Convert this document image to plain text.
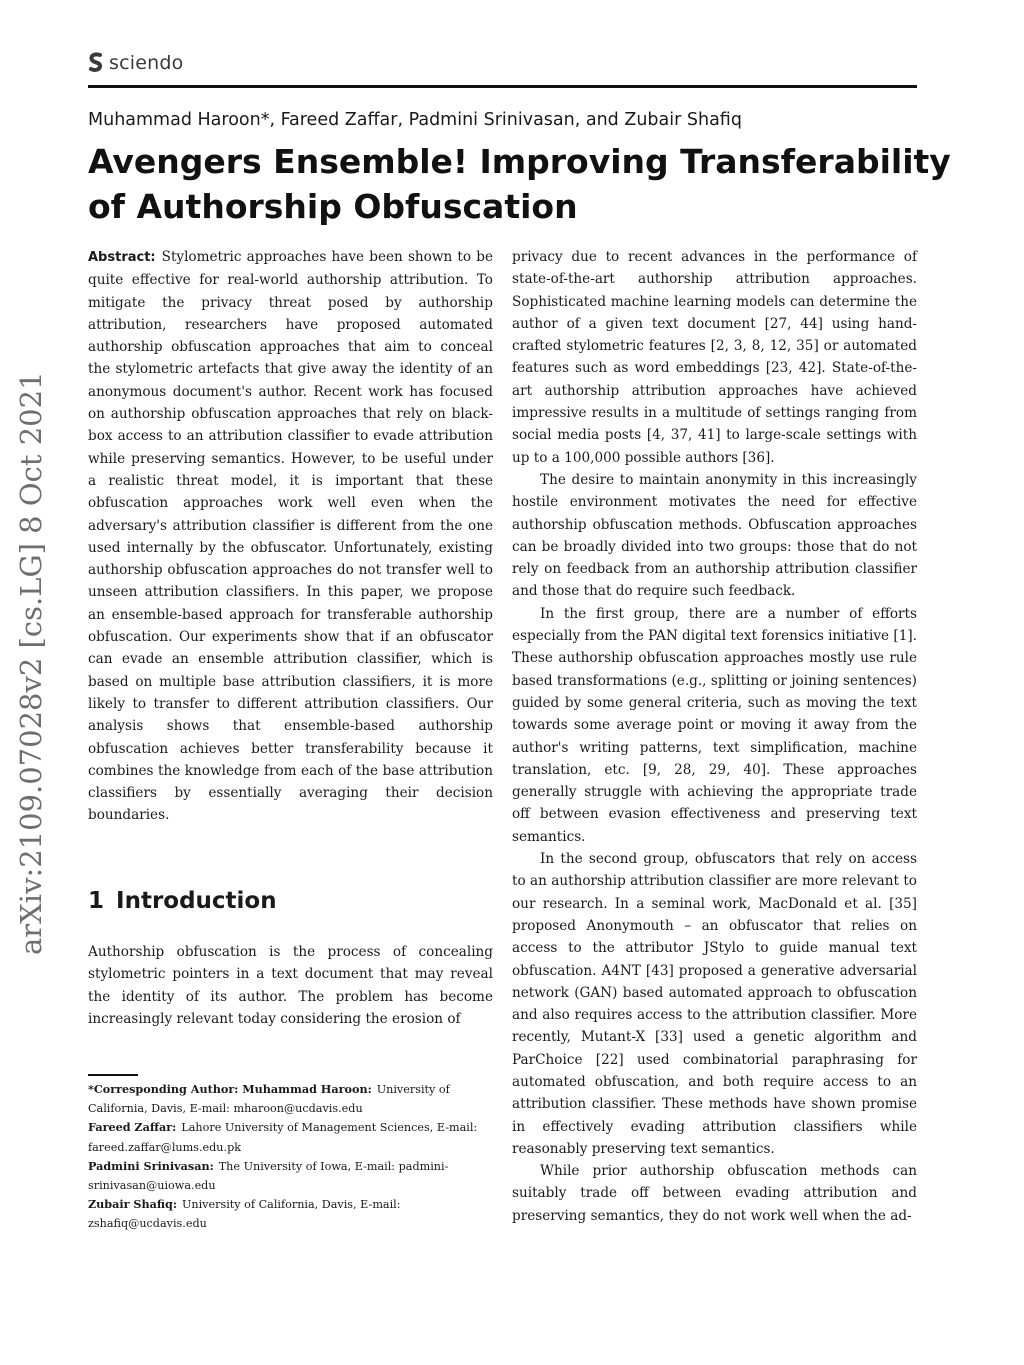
sciendo
Muhammad Haroon*, Fareed Zaffar, Padmini Srinivasan, and Zubair Shafiq
Avengers Ensemble! Improving Transferability
of Authorship Obfuscation
arXiv:2109.07028v2 [cs.LG] 8 Oct 2021

Abstract: Stylometric approaches have been shown to be quite effective for real-world authorship attribution. To mitigate the privacy threat posed by authorship attribution, researchers have proposed automated authorship obfuscation approaches that aim to conceal the stylometric artefacts that give away the identity of an anonymous document's author. Recent work has focused on authorship obfuscation approaches that rely on black-box access to an attribution classifier to evade attribution while preserving semantics. However, to be useful under a realistic threat model, it is important that these obfuscation approaches work well even when the adversary's attribution classifier is different from the one used internally by the obfuscator. Unfortunately, existing authorship obfuscation approaches do not transfer well to unseen attribution classifiers. In this paper, we propose an ensemble-based approach for transferable authorship obfuscation. Our experiments show that if an obfuscator can evade an ensemble attribution classifier, which is based on multiple base attribution classifiers, it is more likely to transfer to different attribution classifiers. Our analysis shows that ensemble-based authorship obfuscation achieves better transferability because it combines the knowledge from each of the base attribution classifiers by essentially averaging their decision boundaries.

1 Introduction
Authorship obfuscation is the process of concealing stylometric pointers in a text document that may reveal the identity of its author. The problem has become increasingly relevant today considering the erosion of

*Corresponding Author: Muhammad Haroon: University of California, Davis, E-mail: mharoon@ucdavis.edu

Fareed Zaffar: Lahore University of Management Sciences, E-mail: fareed.zaffar@lums.edu.pk

Padmini Srinivasan: The University of Iowa, E-mail: padmini-srinivasan@uiowa.edu

Zubair Shafiq: University of California, Davis, E-mail: zshafiq@ucdavis.edu

privacy due to recent advances in the performance of state-of-the-art authorship attribution approaches. Sophisticated machine learning models can determine the author of a given text document [27, 44] using hand-crafted stylometric features [2, 3, 8, 12, 35] or automated features such as word embeddings [23, 42]. State-of-the-art authorship attribution approaches have achieved impressive results in a multitude of settings ranging from social media posts [4, 37, 41] to large-scale settings with up to a 100,000 possible authors [36].

The desire to maintain anonymity in this increasingly hostile environment motivates the need for effective authorship obfuscation methods. Obfuscation approaches can be broadly divided into two groups: those that do not rely on feedback from an authorship attribution classifier and those that do require such feedback.

In the first group, there are a number of efforts especially from the PAN digital text forensics initiative [1]. These authorship obfuscation approaches mostly use rule based transformations (e.g., splitting or joining sentences) guided by some general criteria, such as moving the text towards some average point or moving it away from the author's writing patterns, text simplification, machine translation, etc. [9, 28, 29, 40]. These approaches generally struggle with achieving the appropriate trade off between evasion effectiveness and preserving text semantics.

In the second group, obfuscators that rely on access to an authorship attribution classifier are more relevant to our research. In a seminal work, MacDonald et al. [35] proposed Anonymouth – an obfuscator that relies on access to the attributor JStylo to guide manual text obfuscation. A4NT [43] proposed a generative adversarial network (GAN) based automated approach to obfuscation and also requires access to the attribution classifier. More recently, Mutant-X [33] used a genetic algorithm and ParChoice [22] used combinatorial paraphrasing for automated obfuscation, and both require access to an attribution classifier. These methods have shown promise in effectively evading attribution classifiers while reasonably preserving text semantics.

While prior authorship obfuscation methods can suitably trade off between evading attribution and preserving semantics, they do not work well when the ad-
